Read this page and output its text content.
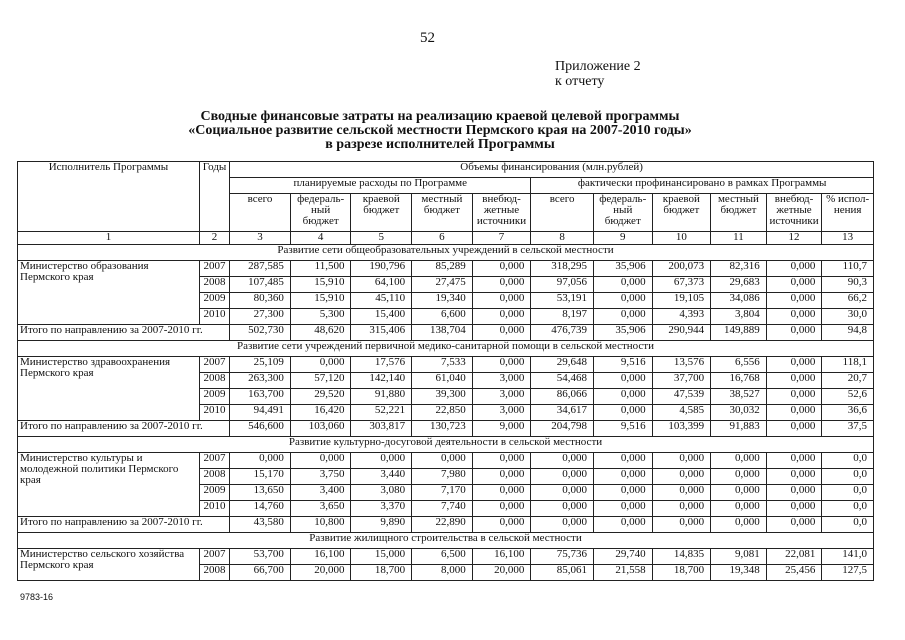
52
Приложение 2
к отчету
Сводные финансовые затраты на реализацию краевой целевой программы
«Социальное развитие сельской местности Пермского края на 2007-2010 годы»
в разрезе исполнителей Программы
Исполнитель Программы	Годы	Объемы финансирования (млн.рублей)										
		планируемые расходы по Программе					фактически профинансировано в рамках Программы					
		всего	федераль-ный бюджет	краевой бюджет	местный бюджет	внебюд-жетные источники	всего	федераль-ный бюджет	краевой бюджет	местный бюджет	внебюд-жетные источники	% испол-нения
1	2	3	4	5	6	7	8	9	10	11	12	13
Развитие сети общеобразовательных учреждений в сельской местности												
Министерство образования Пермского края	2007	287,585	11,500	190,796	85,289	0,000	318,295	35,906	200,073	82,316	0,000	110,7
	2008	107,485	15,910	64,100	27,475	0,000	97,056	0,000	67,373	29,683	0,000	90,3
	2009	80,360	15,910	45,110	19,340	0,000	53,191	0,000	19,105	34,086	0,000	66,2
	2010	27,300	5,300	15,400	6,600	0,000	8,197	0,000	4,393	3,804	0,000	30,0
Итого по направлению за 2007-2010 гг.		502,730	48,620	315,406	138,704	0,000	476,739	35,906	290,944	149,889	0,000	94,8
Развитие сети учреждений первичной медико-санитарной помощи в сельской местности												
Министерство здравоохранения Пермского края	2007	25,109	0,000	17,576	7,533	0,000	29,648	9,516	13,576	6,556	0,000	118,1
	2008	263,300	57,120	142,140	61,040	3,000	54,468	0,000	37,700	16,768	0,000	20,7
	2009	163,700	29,520	91,880	39,300	3,000	86,066	0,000	47,539	38,527	0,000	52,6
	2010	94,491	16,420	52,221	22,850	3,000	34,617	0,000	4,585	30,032	0,000	36,6
Итого по направлению за 2007-2010 гг.		546,600	103,060	303,817	130,723	9,000	204,798	9,516	103,399	91,883	0,000	37,5
Развитие культурно-досуговой деятельности в сельской местности												
Министерство культуры и молодежной политики Пермского края	2007	0,000	0,000	0,000	0,000	0,000	0,000	0,000	0,000	0,000	0,000	0,0
	2008	15,170	3,750	3,440	7,980	0,000	0,000	0,000	0,000	0,000	0,000	0,0
	2009	13,650	3,400	3,080	7,170	0,000	0,000	0,000	0,000	0,000	0,000	0,0
	2010	14,760	3,650	3,370	7,740	0,000	0,000	0,000	0,000	0,000	0,000	0,0
Итого по направлению за 2007-2010 гг.		43,580	10,800	9,890	22,890	0,000	0,000	0,000	0,000	0,000	0,000	0,0
Развитие жилищного строительства в сельской местности												
Министерство сельского хозяйства Пермского края	2007	53,700	16,100	15,000	6,500	16,100	75,736	29,740	14,835	9,081	22,081	141,0
	2008	66,700	20,000	18,700	8,000	20,000	85,061	21,558	18,700	19,348	25,456	127,5
9783-16
